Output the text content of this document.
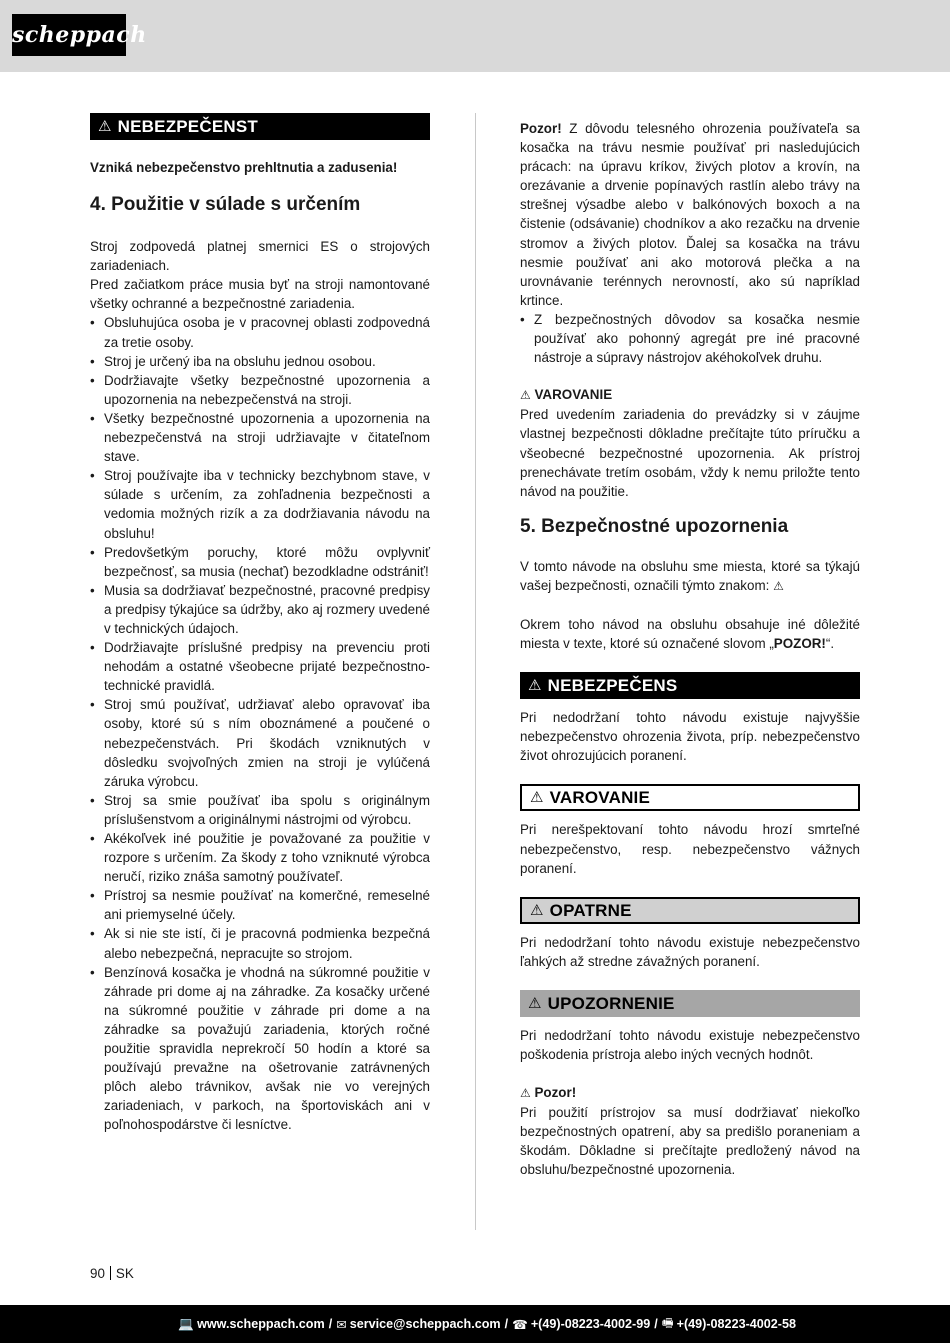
scheppach
⚠ NEBEZPEČENST

Vzniká nebezpečenstvo prehltnutia a zadusenia!

4. Použitie v súlade s určením

Stroj zodpovedá platnej smernici ES o strojových zariadeniach.

Pred začiatkom práce musia byť na stroji namontované všetky ochranné a bezpečnostné zariadenia.

• Obsluhujúca osoba je v pracovnej oblasti zodpovedná za tretie osoby.
• Stroj je určený iba na obsluhu jednou osobou.
• Dodržiavajte všetky bezpečnostné upozornenia a upozornenia na nebezpečenstvá na stroji.
• Všetky bezpečnostné upozornenia a upozornenia na nebezpečenstvá na stroji udržiavajte v čitateľnom stave.
• Stroj používajte iba v technicky bezchybnom stave, v súlade s určením, za zohľadnenia bezpečnosti a vedomia možných rizík a za dodržiavania návodu na obsluhu!
• Predovšetkým poruchy, ktoré môžu ovplyvniť bezpečnosť, sa musia (nechať) bezodkladne odstrániť!
• Musia sa dodržiavať bezpečnostné, pracovné predpisy a predpisy týkajúce sa údržby, ako aj rozmery uvedené v technických údajoch.
• Dodržiavajte príslušné predpisy na prevenciu proti nehodám a ostatné všeobecne prijaté bezpečnostno-technické pravidlá.
• Stroj smú používať, udržiavať alebo opravovať iba osoby, ktoré sú s ním oboznámené a poučené o nebezpečenstvách. Pri škodách vzniknutých v dôsledku svojvoľných zmien na stroji je vylúčená záruka výrobcu.
• Stroj sa smie používať iba spolu s originálnym príslušenstvom a originálnymi nástrojmi od výrobcu.
• Akékoľvek iné použitie je považované za použitie v rozpore s určením. Za škody z toho vzniknuté výrobca neručí, riziko znáša samotný používateľ.
• Prístroj sa nesmie používať na komerčné, remeselné ani priemyselné účely.
• Ak si nie ste istí, či je pracovná podmienka bezpečná alebo nebezpečná, nepracujte so strojom.
• Benzínová kosačka je vhodná na súkromné použitie v záhrade pri dome aj na záhradke. Za kosačky určené na súkromné použitie v záhrade pri dome a na záhradke sa považujú zariadenia, ktorých ročné použitie spravidla neprekročí 50 hodín a ktoré sa používajú prevažne na ošetrovanie zatrávnených plôch alebo trávnikov, avšak nie vo verejných zariadeniach, v parkoch, na športoviskách ani v poľnohospodárstve či lesníctve.

Pozor! Z dôvodu telesného ohrozenia používateľa sa kosačka na trávu nesmie používať pri nasledujúcich prácach: na úpravu kríkov, živých plotov a krovín, na orezávanie a drvenie popínavých rastlín alebo trávy na strešnej výsadbe alebo v balkónových boxoch a na čistenie (odsávanie) chodníkov a ako rezačku na drvenie stromov a živých plotov. Ďalej sa kosačka na trávu nesmie používať ani ako motorová plečka a na urovnávanie terénnych nerovností, ako sú napríklad krtince.

• Z bezpečnostných dôvodov sa kosačka nesmie používať ako pohonný agregát pre iné pracovné nástroje a súpravy nástrojov akéhokoľvek druhu.

⚠ VAROVANIE

Pred uvedením zariadenia do prevádzky si v záujme vlastnej bezpečnosti dôkladne prečítajte túto príručku a všeobecné bezpečnostné upozornenia. Ak prístroj prenechávate tretím osobám, vždy k nemu priložte tento návod na použitie.

5. Bezpečnostné upozornenia

V tomto návode na obsluhu sme miesta, ktoré sa týkajú vašej bezpečnosti, označili týmto znakom: ⚠

Okrem toho návod na obsluhu obsahuje iné dôležité miesta v texte, ktoré sú označené slovom „POZOR!“.

⚠ NEBEZPEČENS

Pri nedodržaní tohto návodu existuje najvyššie nebezpečenstvo ohrozenia života, príp. nebezpečenstvo život ohrozujúcich poranení.

⚠ VAROVANIE

Pri nerešpektovaní tohto návodu hrozí smrteľné nebezpečenstvo, resp. nebezpečenstvo vážnych poranení.

⚠ OPATRNE

Pri nedodržaní tohto návodu existuje nebezpečenstvo ľahkých až stredne závažných poranení.

⚠ UPOZORNENIE

Pri nedodržaní tohto návodu existuje nebezpečenstvo poškodenia prístroja alebo iných vecných hodnôt.

⚠ Pozor!

Pri použití prístrojov sa musí dodržiavať niekoľko bezpečnostných opatrení, aby sa predišlo poraneniam a škodám. Dôkladne si prečítajte predložený návod na obsluhu/bezpečnostné upozornenia.

90 SK
💻 www.scheppach.com / ✉ service@scheppach.com / ☎ +(49)-08223-4002-99 / 🖷 +(49)-08223-4002-58
